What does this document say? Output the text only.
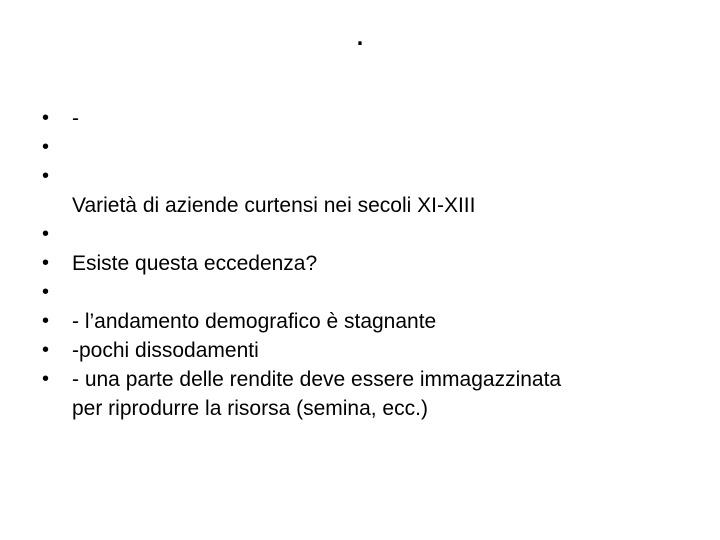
.
•	-
•
•
Varietà di aziende curtensi nei secoli XI-XIII
•
•	Esiste questa eccedenza?
•
•	- l’andamento demografico è stagnante
•	-pochi dissodamenti
•	- una parte delle rendite deve essere immagazzinata
per riprodurre la risorsa (semina, ecc.)
